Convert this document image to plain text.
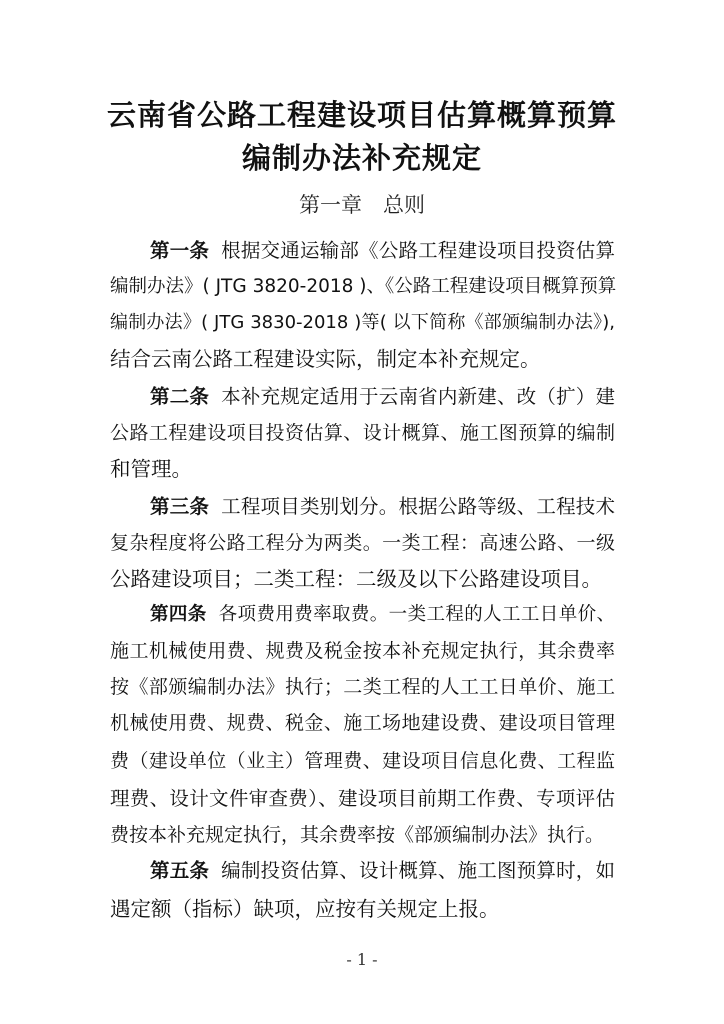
云南省公路工程建设项目估算概算预算
编制办法补充规定
第一章　总则
第一条 根据交通运输部《公路工程建设项目投资估算
编制办法》( JTG 3820-2018 )、《公路工程建设项目概算预算
编制办法》( JTG 3830-2018 )等( 以下简称《部颁编制办法》),
结合云南公路工程建设实际，制定本补充规定。
第二条 本补充规定适用于云南省内新建、改（扩）建
公路工程建设项目投资估算、设计概算、施工图预算的编制
和管理。
第三条 工程项目类别划分。根据公路等级、工程技术
复杂程度将公路工程分为两类。一类工程：高速公路、一级
公路建设项目；二类工程：二级及以下公路建设项目。
第四条 各项费用费率取费。一类工程的人工工日单价、
施工机械使用费、规费及税金按本补充规定执行，其余费率
按《部颁编制办法》执行；二类工程的人工工日单价、施工
机械使用费、规费、税金、施工场地建设费、建设项目管理
费（建设单位（业主）管理费、建设项目信息化费、工程监
理费、设计文件审查费）、建设项目前期工作费、专项评估
费按本补充规定执行，其余费率按《部颁编制办法》执行。
第五条 编制投资估算、设计概算、施工图预算时，如
遇定额（指标）缺项，应按有关规定上报。
- 1 -
